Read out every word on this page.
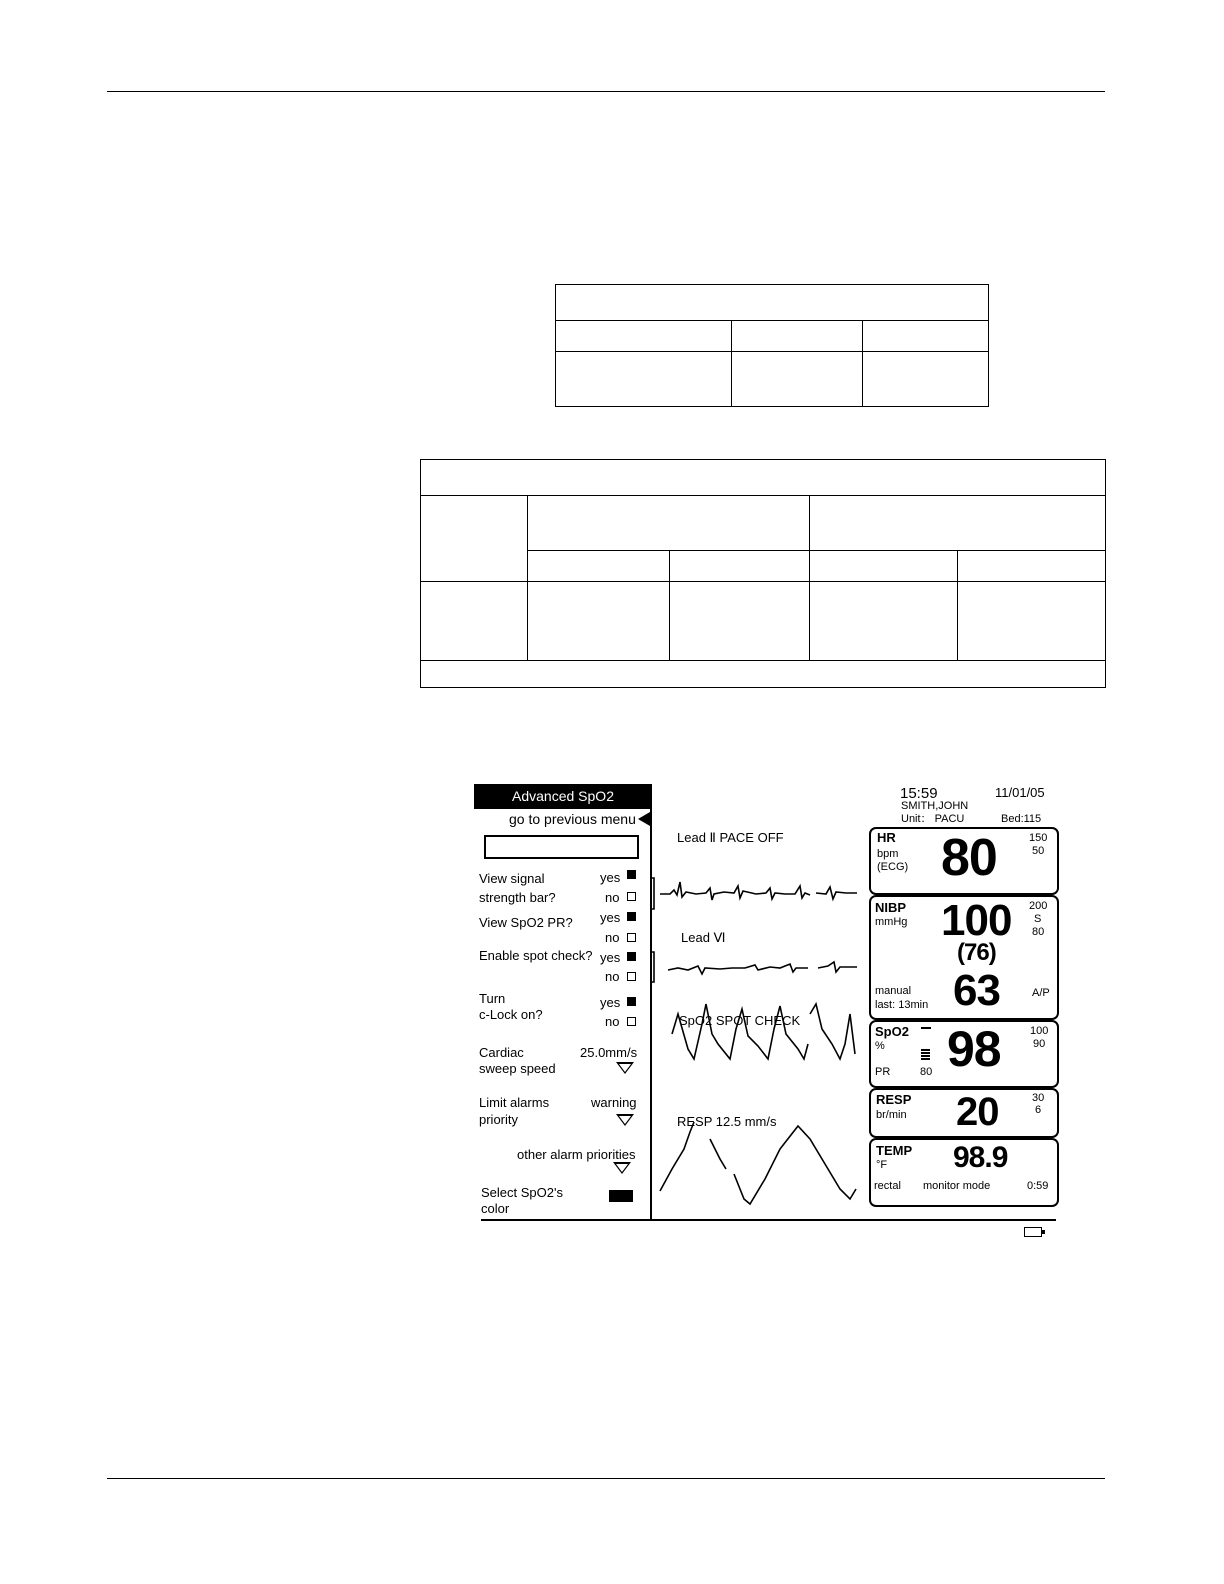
Advanced SpO2
go to previous menu
View signal
strength bar?
yes
no
View SpO2 PR? yes
no
Enable spot check? yes
no
Turn
c-Lock on?
yes
no
Cardiac
sweep speed
25.0mm/s
Limit alarms
priority
warning
other alarm priorities
Select SpO2's
color
Lead Ⅱ PACE OFF
Lead Ⅵ
SpO2 SPOT CHECK
RESP 12.5 mm/s
15:59	11/01/05
SMITH,JOHN
Unit： PACU	Bed:115
HR
bpm
(ECG) 80	150
50
NIBP
mmHg 100
(76)
63
200
S
80
manual
last: 13min
A/P
SpO2
% 98	100
90
PR	80
RESP
br/min 20	30
6
TEMP
°F 98.9
rectal monitor mode	0:59
